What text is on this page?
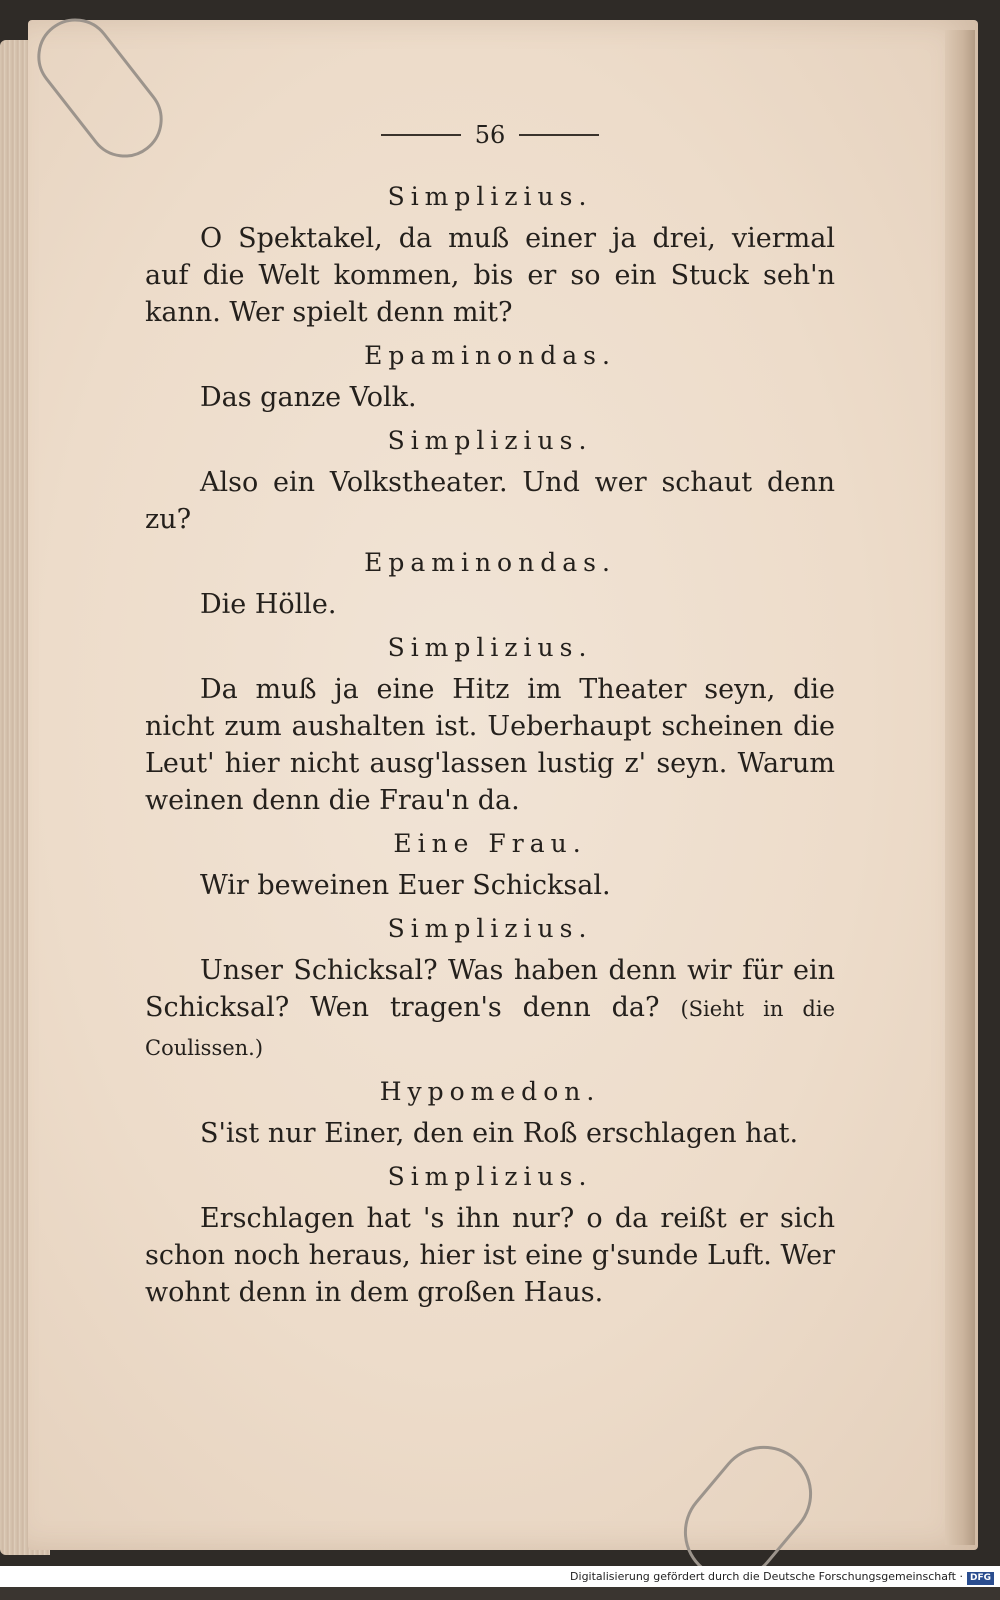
56
Simplizius.

O Spektakel, da muß einer ja drei, viermal auf die Welt kommen, bis er so ein Stuck seh'n kann. Wer spielt denn mit?

Epaminondas.

Das ganze Volk.

Simplizius.

Also ein Volkstheater. Und wer schaut denn zu?

Epaminondas.

Die Hölle.

Simplizius.

Da muß ja eine Hitz im Theater seyn, die nicht zum aushalten ist. Ueberhaupt scheinen die Leut' hier nicht ausg'lassen lustig z' seyn. Warum weinen denn die Frau'n da.

Eine Frau.

Wir beweinen Euer Schicksal.

Simplizius.

Unser Schicksal? Was haben denn wir für ein Schicksal? Wen tragen's denn da? (Sieht in die Coulissen.)

Hypomedon.

S'ist nur Einer, den ein Roß erschlagen hat.

Simplizius.

Erschlagen hat 's ihn nur? o da reißt er sich schon noch heraus, hier ist eine g'sunde Luft. Wer wohnt denn in dem großen Haus.

Digitalisierung gefördert durch die Deutsche Forschungsgemeinschaft · DFG
